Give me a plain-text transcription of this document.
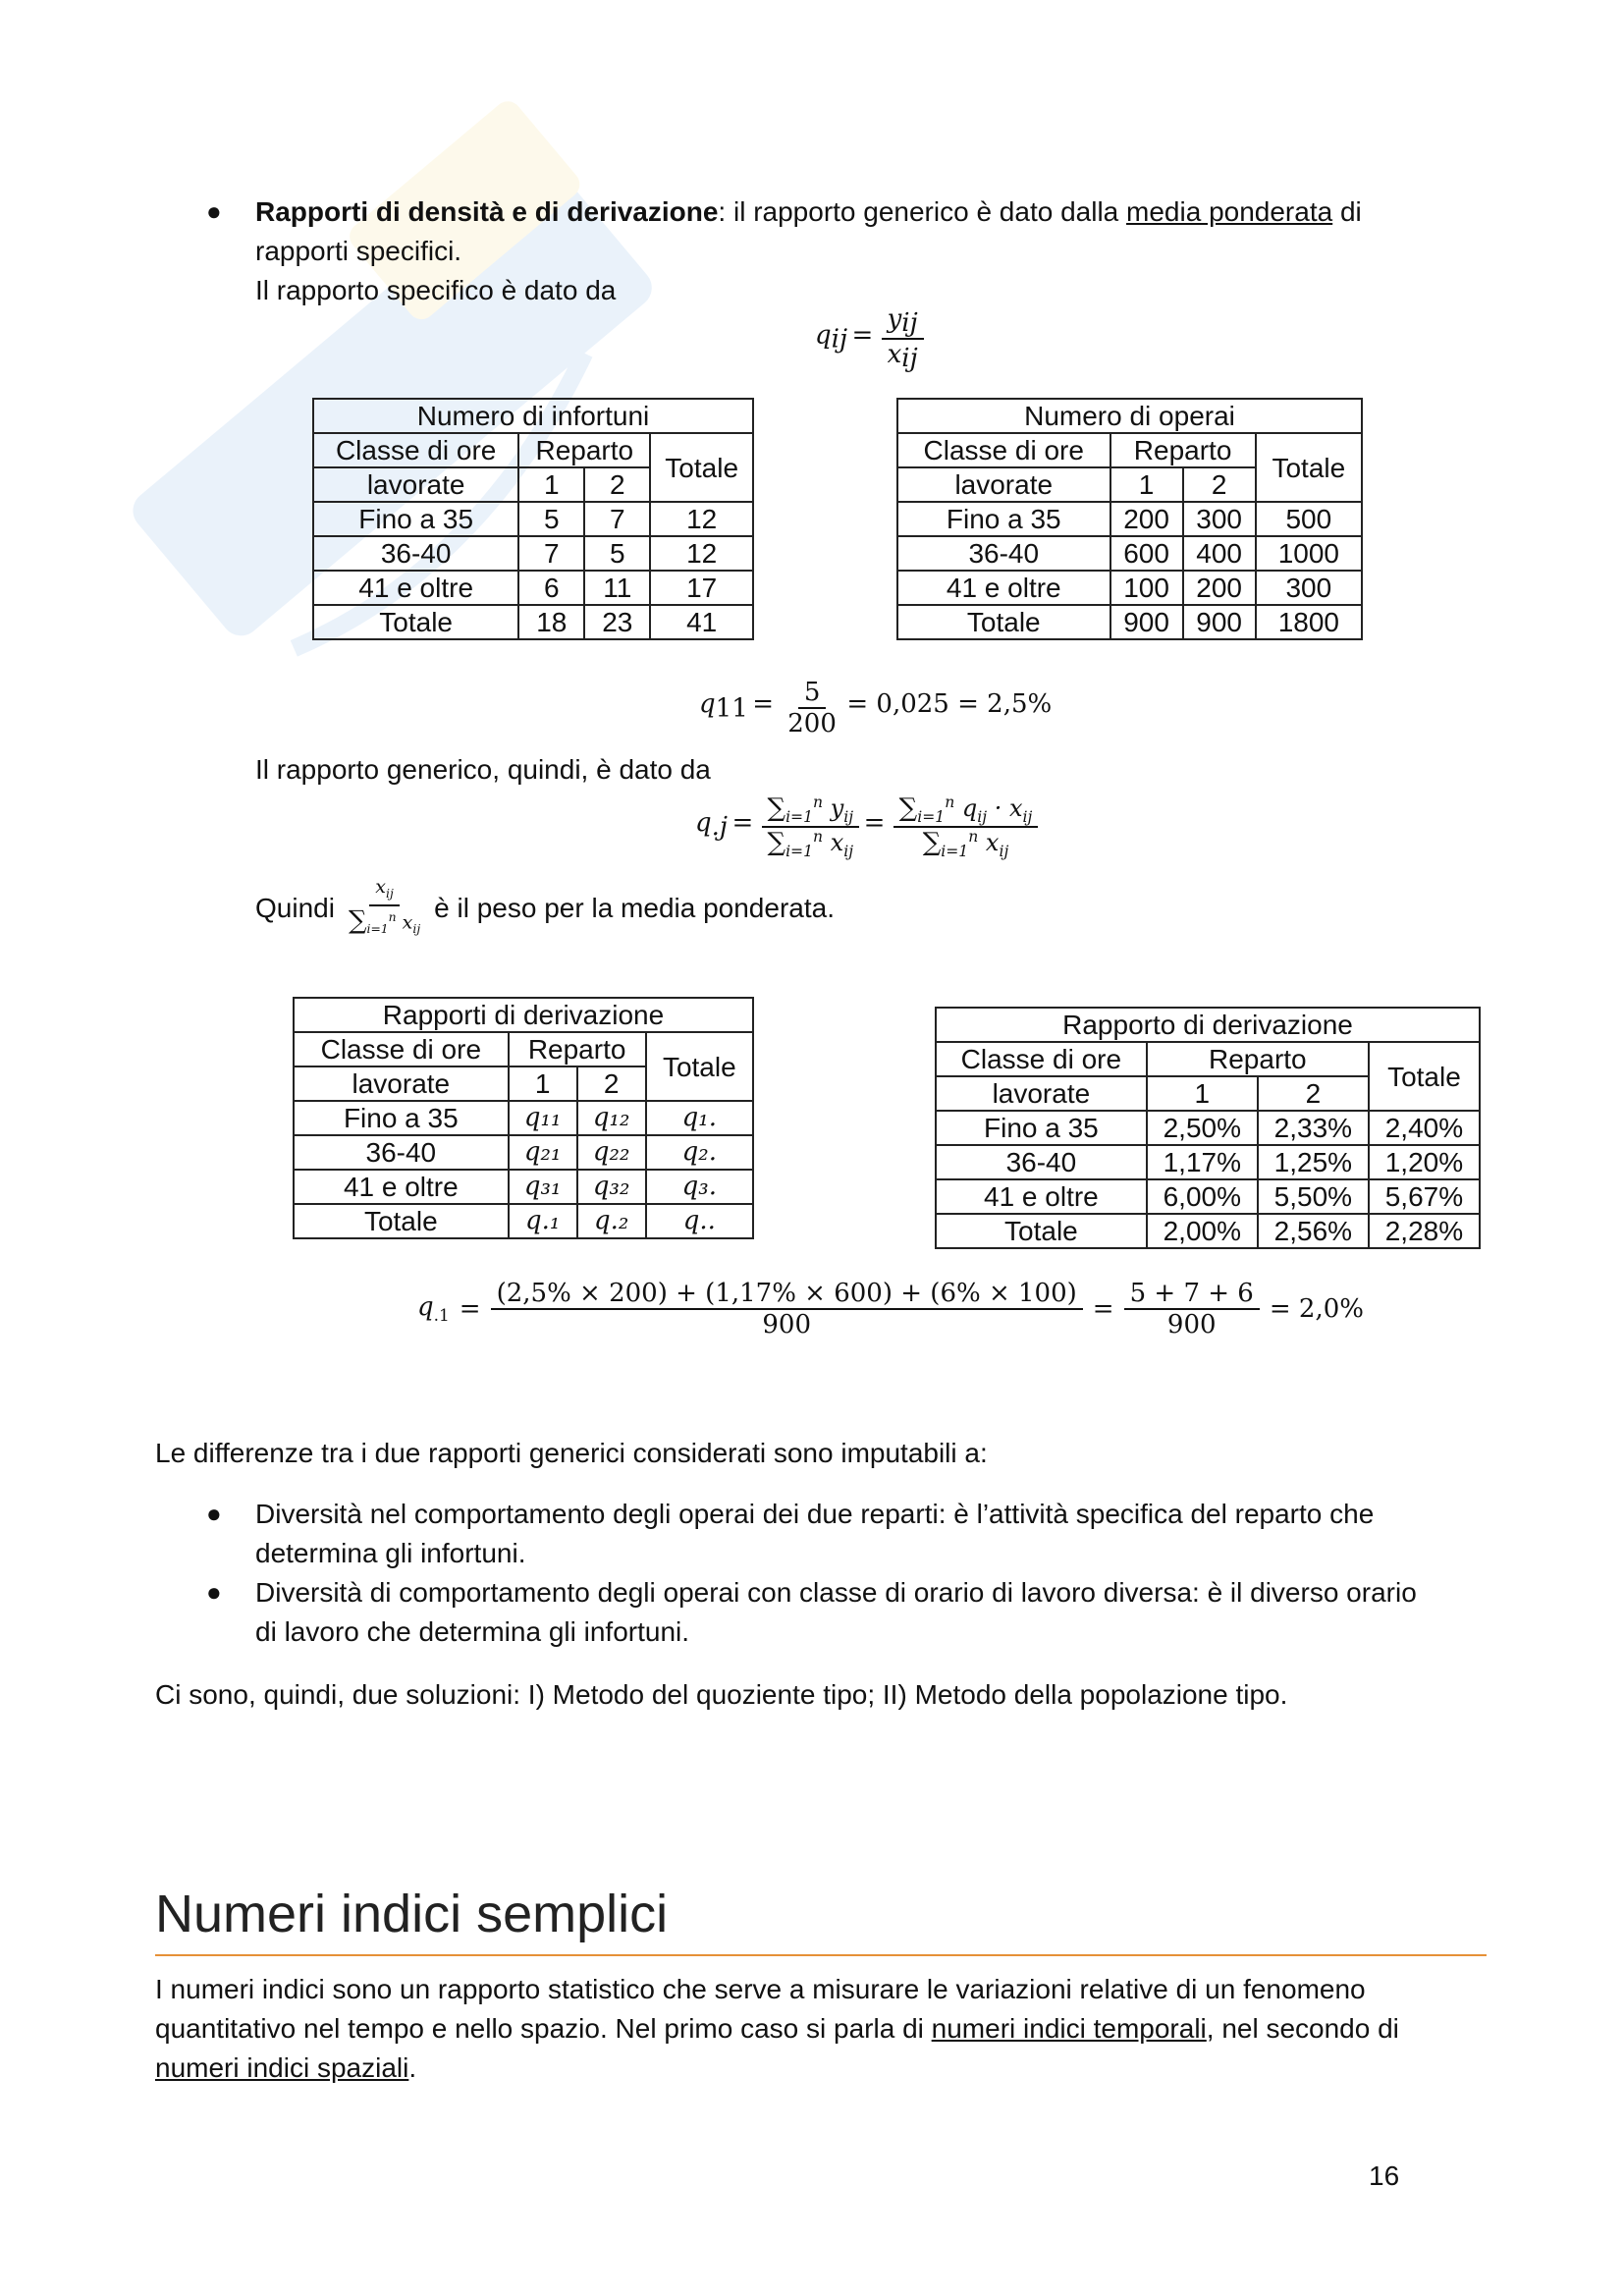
● Rapporti di densità e di derivazione: il rapporto generico è dato dalla media ponderata di
rapporti specifici.
Il rapporto specifico è dato da
$q_{ij} = \frac{y_{ij}}{x_{ij}}$
Numero di infortuni			
Classe di ore	Reparto		Totale
lavorate	1	2	
Fino a 35	5	7	12
36-40	7	5	12
41 e oltre	6	11	17
Totale	18	23	41
Numero di operai			
Classe di ore	Reparto		Totale
lavorate	1	2	
Fino a 35	200	300	500
36-40	600	400	1000
41 e oltre	100	200	300
Totale	900	900	1800
$q_{11} = \frac{5}{200} = 0,025 = 2,5\%$
Il rapporto generico, quindi, è dato da
$q_{.j} = \frac{\sum_{i=1}^n y_{ij}}{\sum_{i=1}^n x_{ij}} = \frac{\sum_{i=1}^n q_{ij} \cdot x_{ij}}{\sum_{i=1}^n x_{ij}}$
Quindi $\frac{x_{ij}}{\sum_{i=1}^n x_{ij}}$ è il peso per la media ponderata.
Rapporti di derivazione			
Classe di ore	Reparto		Totale
lavorate	1	2	
Fino a 35	q₁₁	q₁₂	q₁.
36-40	q₂₁	q₂₂	q₂.
41 e oltre	q₃₁	q₃₂	q₃.
Totale	q.₁	q.₂	q..
Rapporto di derivazione			
Classe di ore	Reparto		Totale
lavorate	1	2	
Fino a 35	2,50%	2,33%	2,40%
36-40	1,17%	1,25%	1,20%
41 e oltre	6,00%	5,50%	5,67%
Totale	2,00%	2,56%	2,28%
$q_{.1} = \frac{(2,5\% \times 200) + (1,17\% \times 600) + (6\% \times 100)}{900} = \frac{5 + 7 + 6}{900} = 2,0\%$
Le differenze tra i due rapporti generici considerati sono imputabili a:
● Diversità nel comportamento degli operai dei due reparti: è l’attività specifica del reparto che
determina gli infortuni.
● Diversità di comportamento degli operai con classe di orario di lavoro diversa: è il diverso orario
di lavoro che determina gli infortuni.
Ci sono, quindi, due soluzioni: I) Metodo del quoziente tipo; II) Metodo della popolazione tipo.
Numeri indici semplici
I numeri indici sono un rapporto statistico che serve a misurare le variazioni relative di un fenomeno
quantitativo nel tempo e nello spazio. Nel primo caso si parla di numeri indici temporali, nel secondo di
numeri indici spaziali.
16
